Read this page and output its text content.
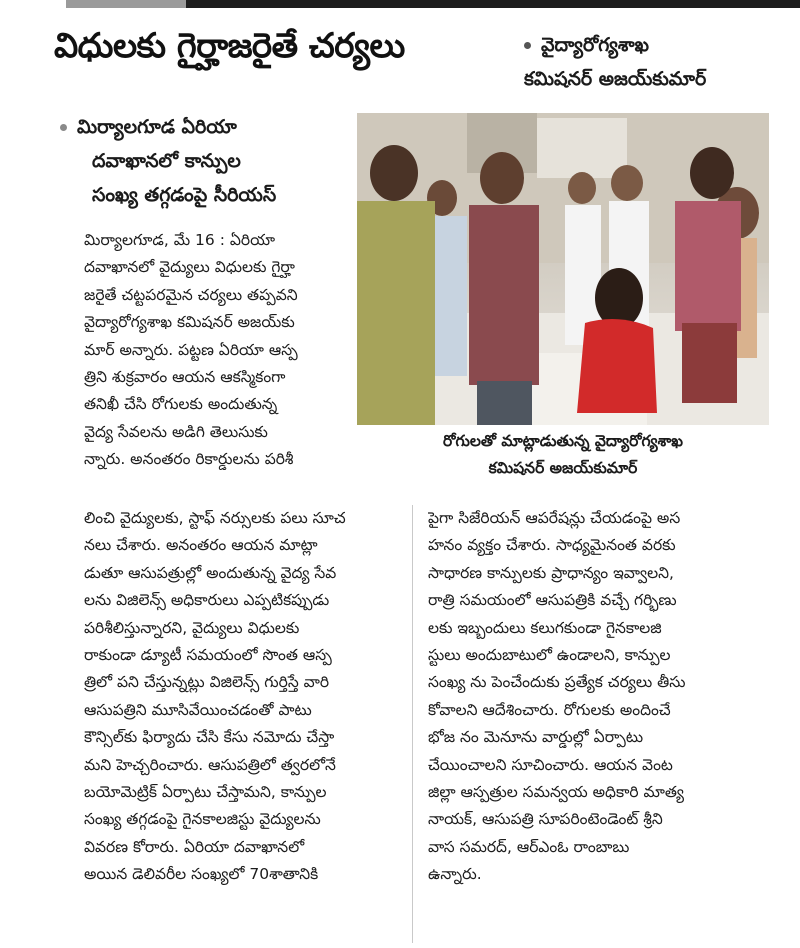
విధులకు గైర్హాజరైతే చర్యలు	వైద్యారోగ్యశాఖ
కమిషనర్ అజయ్‌కుమార్
మిర్యాలగూడ ఏరియా
దవాఖానలో కాన్పుల
సంఖ్య తగ్గడంపై సీరియస్
రోగులతో మాట్లాడుతున్న వైద్యారోగ్యశాఖ
కమిషనర్ అజయ్‌కుమార్
మిర్యాలగూడ, మే 16 : ఏరియా
దవాఖానలో వైద్యులు విధులకు గైర్హా
జరైతే చట్టపరమైన చర్యలు తప్పవని
వైద్యారోగ్యశాఖ కమిషనర్ అజయ్‌కు
మార్ అన్నారు. పట్టణ ఏరియా ఆస్ప
త్రిని శుక్రవారం ఆయన ఆకస్మికంగా
తనిఖీ చేసి రోగులకు అందుతున్న
వైద్య సేవలను అడిగి తెలుసుకు
న్నారు. అనంతరం రికార్డులను పరిశీ
లించి వైద్యులకు, స్టాఫ్ నర్సులకు పలు సూచ
నలు చేశారు. అనంతరం ఆయన మాట్లా
డుతూ ఆసుపత్రుల్లో అందుతున్న వైద్య సేవ
లను విజిలెన్స్ అధికారులు ఎప్పటికప్పుడు
పరిశీలిస్తున్నారని, వైద్యులు విధులకు
రాకుండా డ్యూటీ సమయంలో సొంత ఆస్ప
త్రిలో పని చేస్తున్నట్లు విజిలెన్స్ గుర్తిస్తే వారి
ఆసుపత్రిని మూసివేయించడంతో పాటు
కౌన్సిల్‌కు ఫిర్యాదు చేసి కేసు నమోదు చేస్తా
మని హెచ్చరించారు. ఆసుపత్రిలో త్వరలోనే
బయోమెట్రిక్ ఏర్పాటు చేస్తామని, కాన్పుల
సంఖ్య తగ్గడంపై గైనకాలజిస్టు వైద్యులను
వివరణ కోరారు. ఏరియా దవాఖానలో
అయిన డెలివరీల సంఖ్యలో 70శాతానికి
పైగా సిజేరియన్ ఆపరేషన్లు చేయడంపై అస
హనం వ్యక్తం చేశారు. సాధ్యమైనంత వరకు
సాధారణ కాన్పులకు ప్రాధాన్యం ఇవ్వాలని,
రాత్రి సమయంలో ఆసుపత్రికి వచ్చే గర్భిణు
లకు ఇబ్బందులు కలుగకుండా గైనకాలజి
స్టులు అందుబాటులో ఉండాలని, కాన్పుల
సంఖ్య ను పెంచేందుకు ప్రత్యేక చర్యలు తీసు
కోవాలని ఆదేశించారు. రోగులకు అందించే
భోజ నం మెనూను వార్డుల్లో ఏర్పాటు
చేయించాలని సూచించారు. ఆయన వెంట
జిల్లా ఆస్పత్రుల సమన్వయ అధికారి మాత్య
నాయక్, ఆసుపత్రి సూపరింటెండెంట్ శ్రీని
వాస సమరద్, ఆర్ఎంఓ రాంబాబు
ఉన్నారు.
